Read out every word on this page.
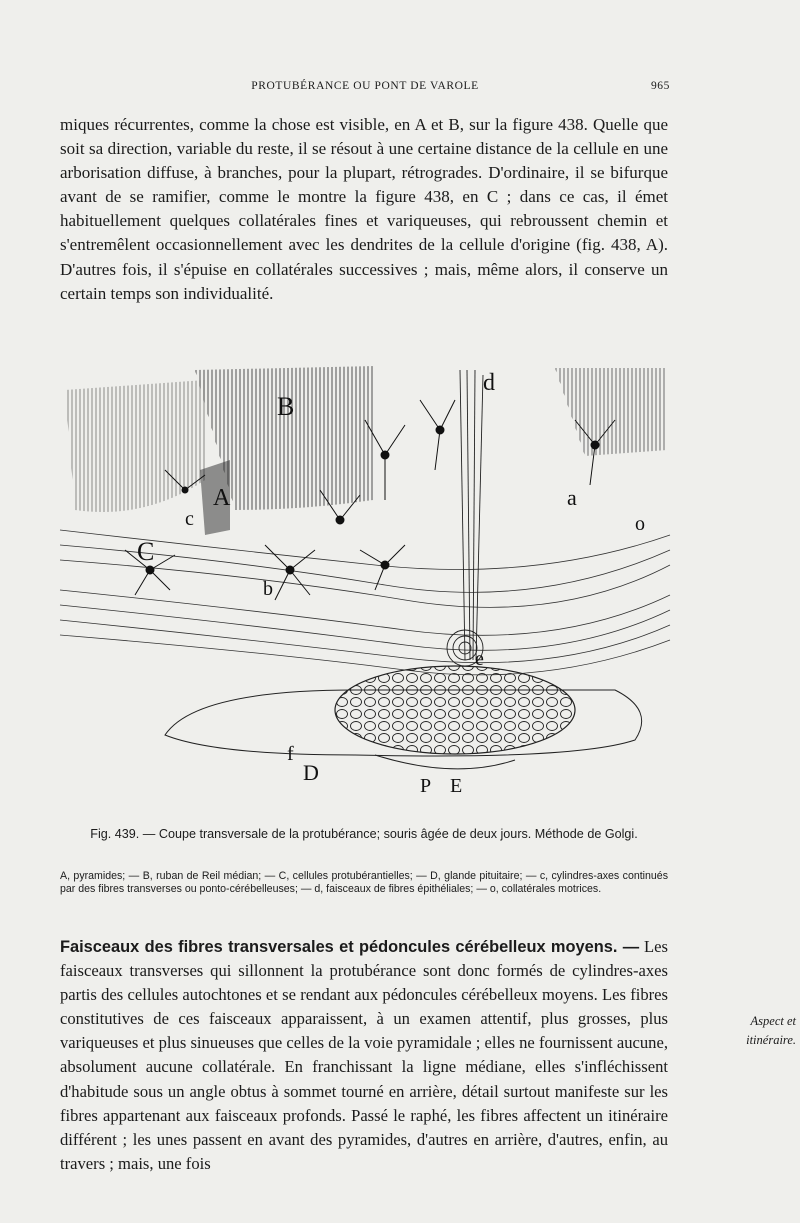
PROTUBÉRANCE OU PONT DE VAROLE	965

miques récurrentes, comme la chose est visible, en A et B, sur la figure 438. Quelle que soit sa direction, variable du reste, il se résout à une certaine distance de la cellule en une arborisation diffuse, à branches, pour la plupart, rétrogrades. D'ordinaire, il se bifurque avant de se ramifier, comme le montre la figure 438, en C ; dans ce cas, il émet habituellement quelques collatérales fines et variqueuses, qui rebroussent chemin et s'entremêlent occasionnellement avec les dendrites de la cellule d'origine (fig. 438, A). D'autres fois, il s'épuise en collatérales successives ; mais, même alors, il conserve un certain temps son individualité.

B
A
C
c
b
d
a
o
e
f
D
P E
Fig. 439. — Coupe transversale de la protubérance; souris âgée de deux jours. Méthode de Golgi.
A, pyramides; — B, ruban de Reil médian; — C, cellules protubérantielles; — D, glande pituitaire; — c, cylindres-axes continués par des fibres transverses ou ponto-cérébelleuses; — d, faisceaux de fibres épithéliales; — o, collatérales motrices.

Faisceaux des fibres transversales et pédoncules cérébelleux moyens. — Les faisceaux transverses qui sillonnent la protubérance sont donc formés de cylindres-axes partis des cellules autochtones et se rendant aux pédoncules cérébelleux moyens. Les fibres constitutives de ces faisceaux apparaissent, à un examen attentif, plus grosses, plus variqueuses et plus sinueuses que celles de la voie pyramidale ; elles ne fournissent aucune, absolument aucune collatérale. En franchissant la ligne médiane, elles s'infléchissent d'habitude sous un angle obtus à sommet tourné en arrière, détail surtout manifeste sur les fibres appartenant aux faisceaux profonds. Passé le raphé, les fibres affectent un itinéraire différent ; les unes passent en avant des pyramides, d'autres en arrière, d'autres, enfin, au travers ; mais, une fois

Aspect et
itinéraire.
